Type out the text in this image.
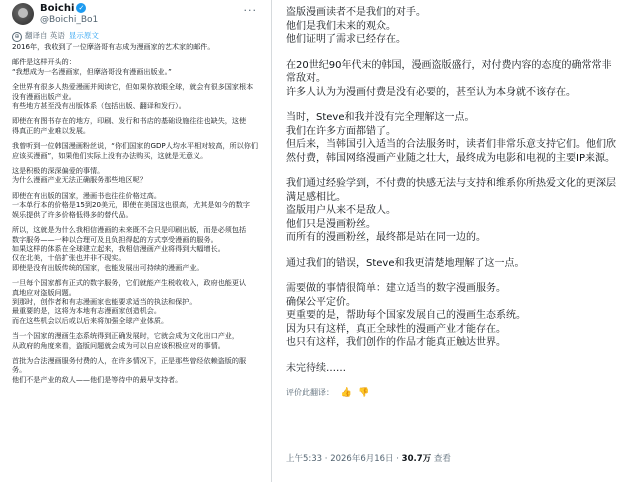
Boichi ✓
@Boichi_Bo1
···
⊕ 翻译自 英语 显示原文

2016年，我收到了一位摩洛哥有志成为漫画家的艺术家的邮件。

邮件是这样开头的：

“我想成为一名漫画家，但摩洛哥没有漫画出版业。”

全世界有很多人热爱漫画并阅读它，但如果你放眼全球，就会有很多国家根本

没有漫画出版产业。

有些地方甚至没有出版体系（包括出版、翻译和发行）。

即使在有图书存在的地方，印刷、发行和书店的基础设施往往也缺失，这使

得真正的产业难以发展。

我曾听到一位韩国漫画粉丝说，“你们国家的GDP人均水平相对较高，所以你们

应该买漫画”，如果他们实际上没有办法购买，这就是无意义。

这是积极的深深偏爱的事情。

为什么漫画产业无法正确服务那些地区呢？

即使在有出版的国家，漫画书也往往价格过高。

一本单行本的价格是15到20美元，即使在美国这也很高，尤其是如今的数字

娱乐提供了许多价格低得多的替代品。

所以，这就是为什么我相信漫画的未来既不会只是印刷出版，而是必须包括

数字服务——一种以合理可及且负担得起的方式享受漫画的服务。

如果这样的体系在全球建立起来，我相信漫画产业将得到大幅增长。

仅在北美，十倍扩张也并非不现实。

即使是没有出版传统的国家，也能发展出可持续的漫画产业。

一旦每个国家都有正式的数字服务，它们就能产生税收收入，政府也能更认

真地应对盗版问题。

到那时，创作者和有志漫画家也能要求适当的执法和保护。

最重要的是，这将为本地有志漫画家创造机会。

而在这些机会以后或以后来将加强全球产业体质。

当一个国家的漫画生态系统得到正确发展时，它就会成为文化出口产业，

从政府的角度来看，盗版问题就会成为可以自应该积极应对的事情。

首批为合法漫画服务付费的人，在许多情况下，正是那些曾经依赖盗版的服

务。

他们不是产业的敌人——他们是等待中的最早支持者。

盗版漫画读者不是我们的对手。

他们是我们未来的观众。

他们证明了需求已经存在。

在20世纪90年代末的韩国，漫画盗版盛行，对付费内容的态度的确常常非

常敌对。

许多人认为为漫画付费是没有必要的，甚至认为本身就不该存在。

当时，Steve和我并没有完全理解这一点。

我们在许多方面都错了。

但后来，当韩国引入适当的合法服务时，读者们非常乐意支持它们。他们欣

然付费，韩国网络漫画产业随之壮大，最终成为电影和电视的主要IP来源。

我们通过经验学到，不付费的快感无法与支持和维系你所热爱文化的更深层

满足感相比。

盗版用户从来不是敌人。

他们只是漫画粉丝。

而所有的漫画粉丝，最终都是站在同一边的。

通过我们的错误，Steve和我更清楚地理解了这一点。

需要做的事情很简单：建立适当的数字漫画服务。

确保公平定价。

更重要的是，帮助每个国家发展自己的漫画生态系统。

因为只有这样，真正全球性的漫画产业才能存在。

也只有这样，我们创作的作品才能真正触达世界。

未完待续……

评价此翻译： 👍 👎
上午5:33 · 2026年6月16日 · 30.7万 查看
